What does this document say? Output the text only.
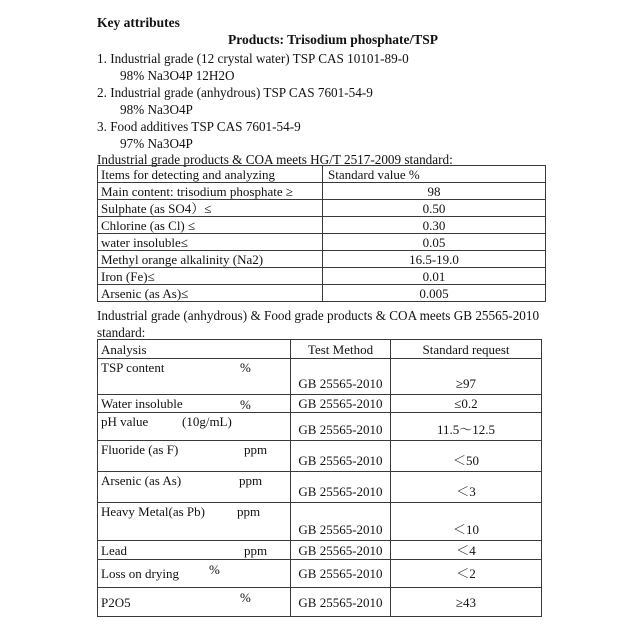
Key attributes
Products: Trisodium phosphate/TSP
1. Industrial grade (12 crystal water) TSP CAS 10101-89-0
98% Na3O4P 12H2O
2. Industrial grade (anhydrous) TSP CAS 7601-54-9
98% Na3O4P
3. Food additives TSP CAS 7601-54-9
97% Na3O4P
Industrial grade products & COA meets HG/T 2517-2009 standard:
Items for detecting and analyzing	Standard value %
Main content: trisodium phosphate ≥	98
Sulphate (as SO4）≤	0.50
Chlorine (as Cl) ≤	0.30
water insoluble≤	0.05
Methyl orange alkalinity (Na2)	16.5-19.0
Iron (Fe)≤	0.01
Arsenic (as As)≤	0.005
Industrial grade (anhydrous) & Food grade products & COA meets GB 25565-2010
standard:
Analysis	Test Method	Standard request
TSP content %	GB 25565-2010	≥97
Water insoluble %	GB 25565-2010	≤0.2
pH value (10g/mL)	GB 25565-2010	11.5～12.5
Fluoride (as F) ppm	GB 25565-2010	＜50
Arsenic (as As) ppm	GB 25565-2010	＜3
Heavy Metal(as Pb) ppm	GB 25565-2010	＜10
Lead ppm	GB 25565-2010	＜4
Loss on drying %	GB 25565-2010	＜2
P2O5 %	GB 25565-2010	≥43
